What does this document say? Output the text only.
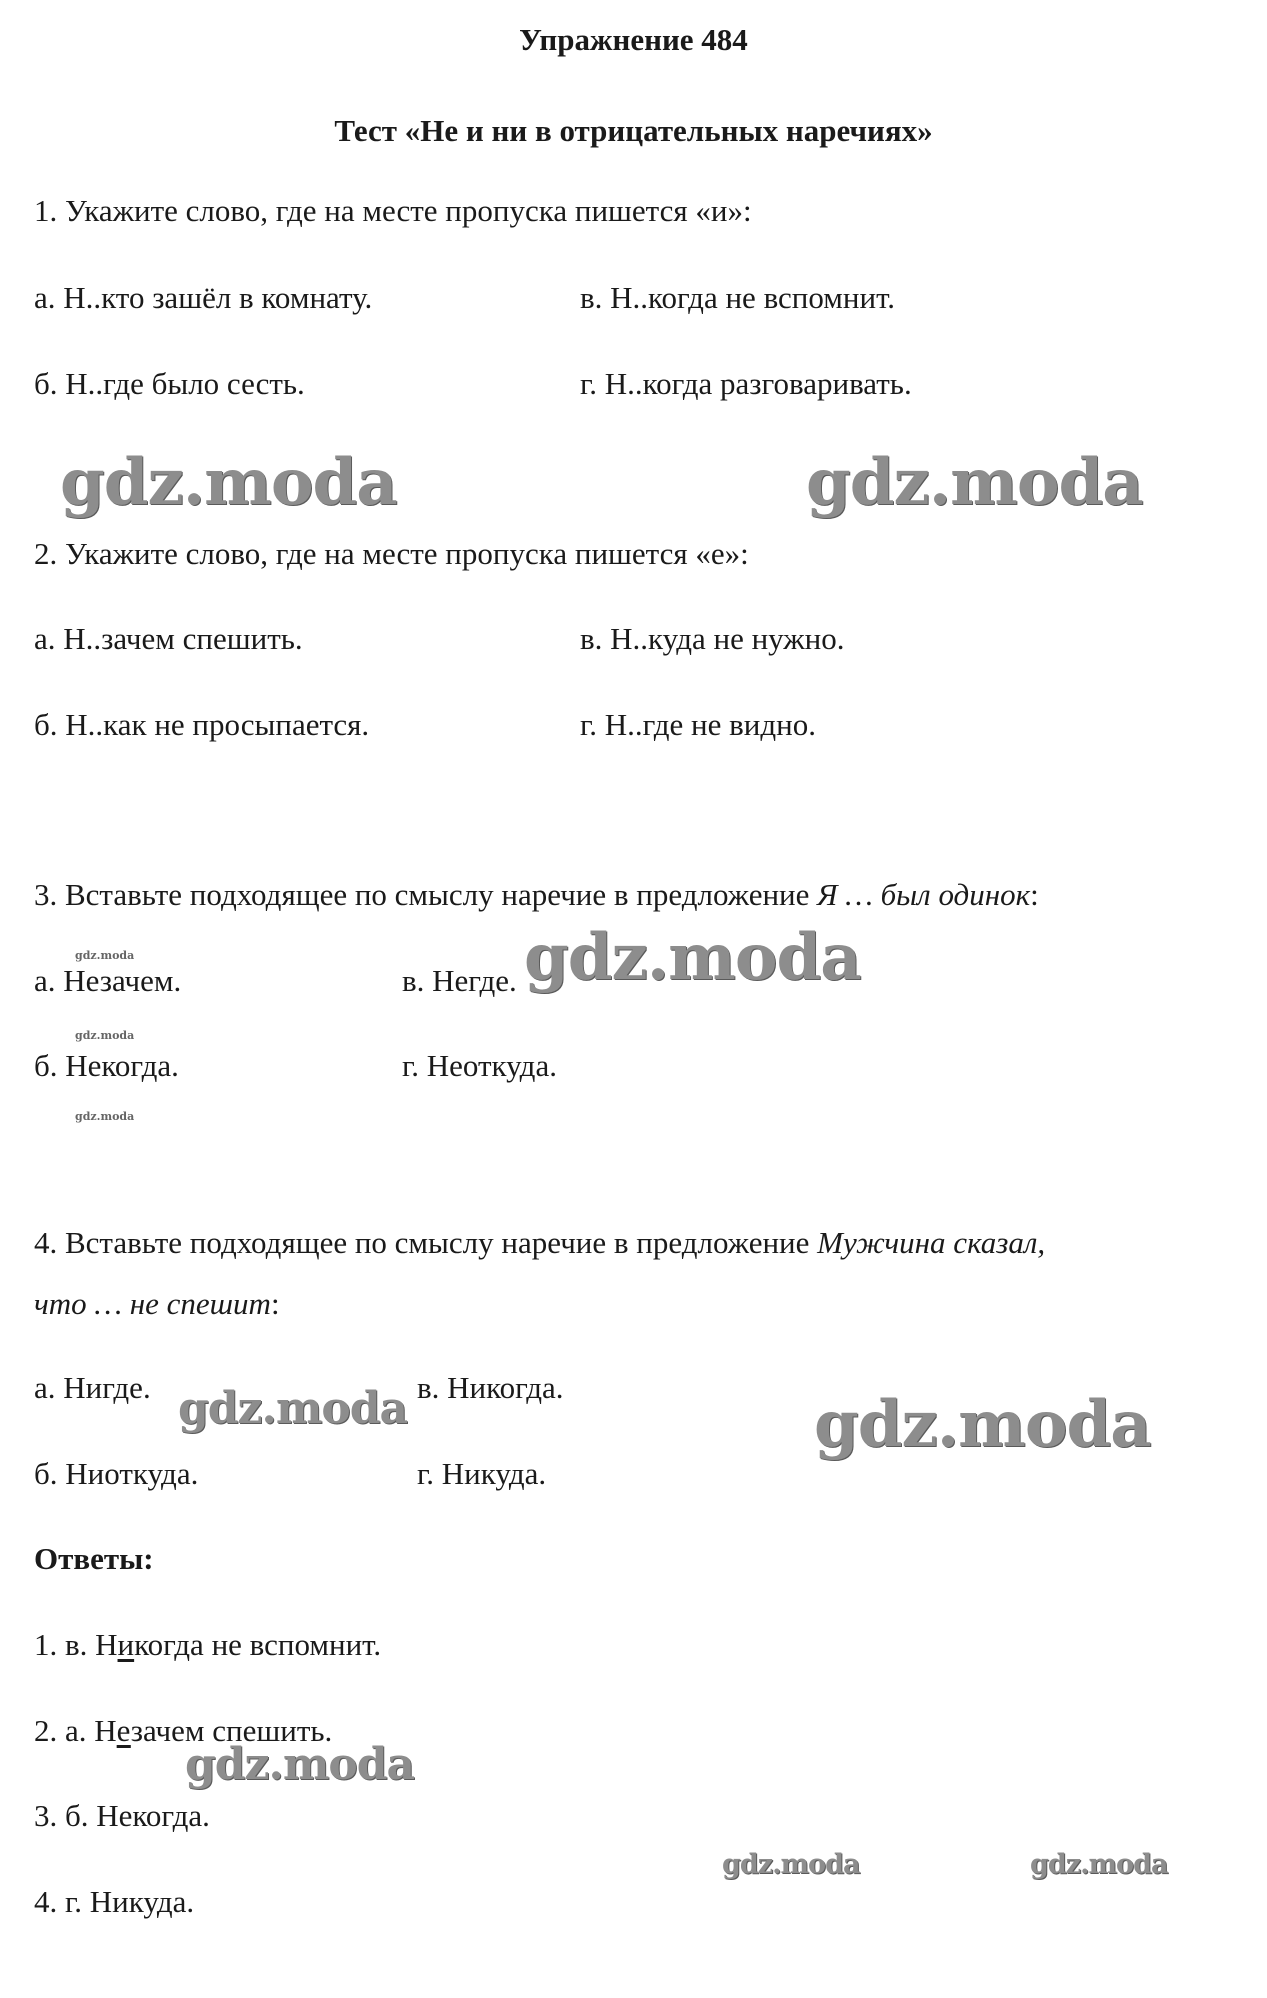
Упражнение 484
Тест «Не и ни в отрицательных наречиях»
1. Укажите слово, где на месте пропуска пишется «и»:
а. Н..кто зашёл в комнату.	в. Н..когда не вспомнит.
б. Н..где было сесть.	г. Н..когда разговаривать.
2. Укажите слово, где на месте пропуска пишется «е»:
а. Н..зачем спешить.	в. Н..куда не нужно.
б. Н..как не просыпается.	г. Н..где не видно.
3. Вставьте подходящее по смыслу наречие в предложение Я … был одинок:
а. Незачем.	в. Негде.
б. Некогда.	г. Неоткуда.
4. Вставьте подходящее по смыслу наречие в предложение Мужчина сказал,
что … не спешит:
а. Нигде.	в. Никогда.
б. Ниоткуда.	г. Никуда.
Ответы:
1. в. Никогда не вспомнит.
2. а. Незачем спешить.
3. б. Некогда.
4. г. Никуда.
gdz.moda	gdz.moda
gdz.moda
gdz.moda
gdz.moda
gdz.moda
gdz.moda	gdz.moda
gdz.moda
gdz.moda
gdz.moda
